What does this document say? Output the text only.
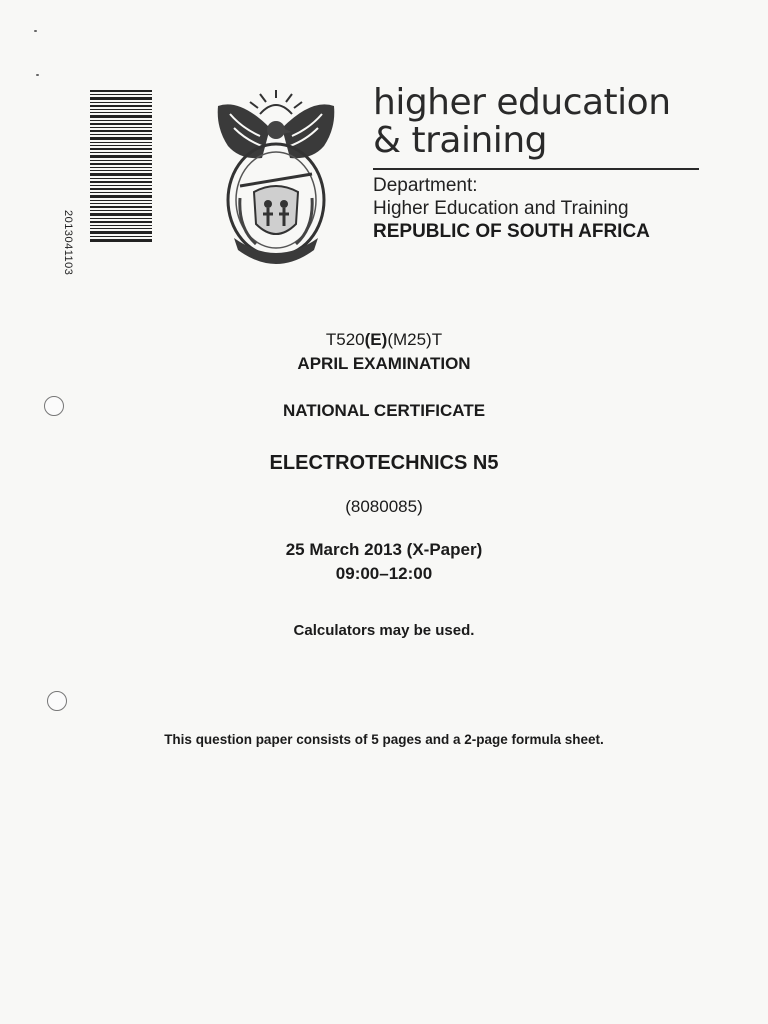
2013041103
higher education
& training
Department:
Higher Education and Training
REPUBLIC OF SOUTH AFRICA
T520(E)(M25)T
APRIL EXAMINATION
NATIONAL CERTIFICATE
ELECTROTECHNICS N5
(8080085)
25 March 2013 (X-Paper)
09:00–12:00
Calculators may be used.
This question paper consists of 5 pages and a 2-page formula sheet.
